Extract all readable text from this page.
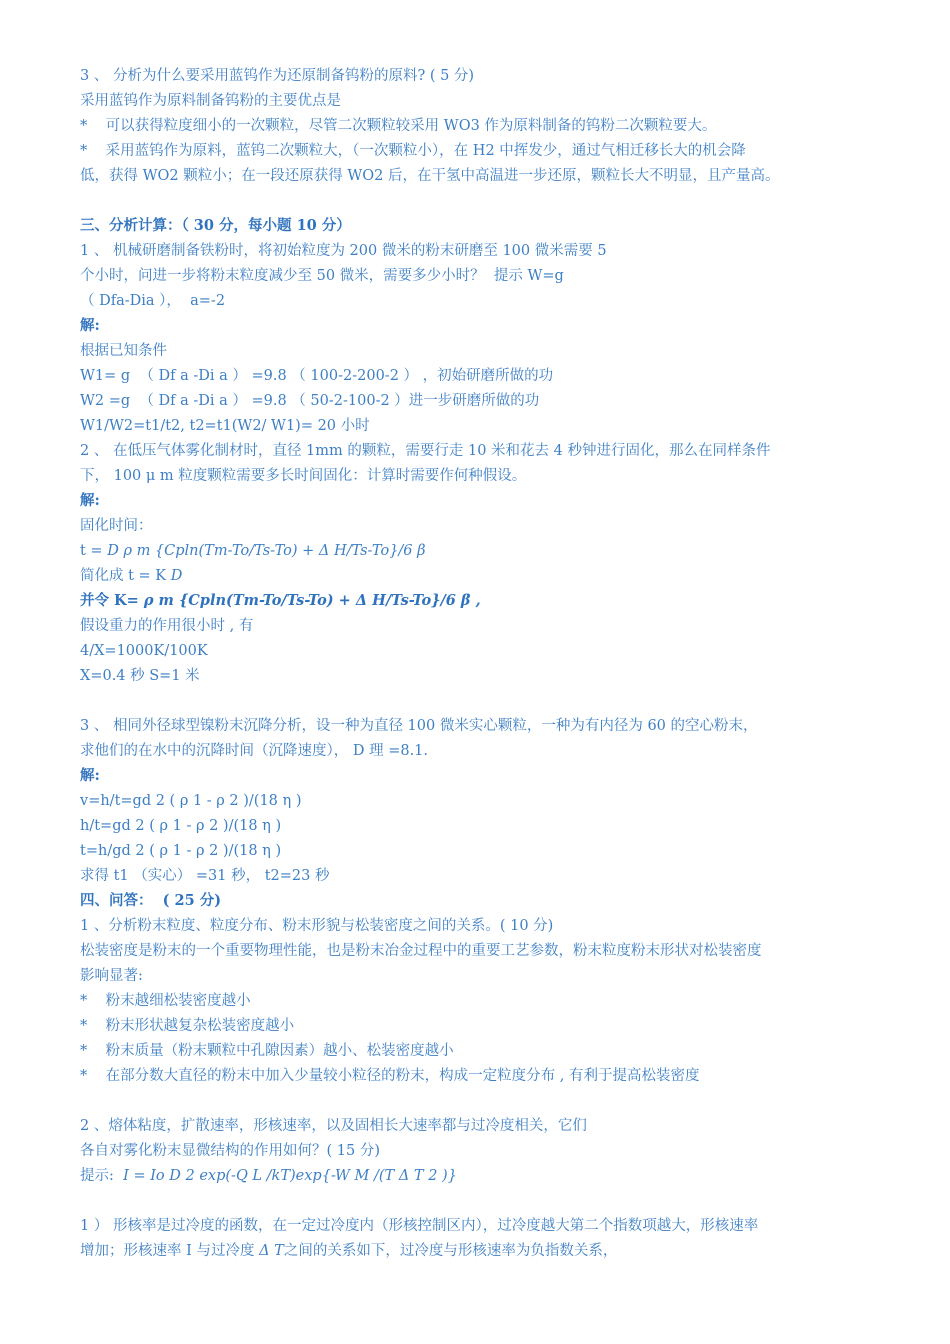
3 、 分析为什么要采用蓝钨作为还原制备钨粉的原料? ( 5 分)
采用蓝钨作为原料制备钨粉的主要优点是
*    可以获得粒度细小的一次颗粒，尽管二次颗粒较采用 WO3 作为原料制备的钨粉二次颗粒要大。
*    采用蓝钨作为原料，蓝钨二次颗粒大，（一次颗粒小），在 H2 中挥发少，通过气相迁移长大的机会降
低，获得 WO2 颗粒小；在一段还原获得 WO2 后，在干氢中高温进一步还原，颗粒长大不明显，且产量高。
三、分析计算：（ 30 分，每小题 10 分）
1 、 机械研磨制备铁粉时，将初始粒度为 200 微米的粉末研磨至 100 微米需要 5
个小时，问进一步将粉末粒度减少至 50 微米，需要多少小时？  提示 W=g
（ Dfa-Dia ），  a=-2
解:
根据已知条件
W1= g  （ Df a -Di a ） =9.8 （ 100-2-200-2 ） ，初始研磨所做的功
W2 =g  （ Df a -Di a ） =9.8 （ 50-2-100-2 ）进一步研磨所做的功
W1/W2=t1/t2, t2=t1(W2/ W1)= 20 小时
2 、 在低压气体雾化制材时，直径 1mm 的颗粒，需要行走 10 米和花去 4 秒钟进行固化，那么在同样条件
下， 100 μ m 粒度颗粒需要多长时间固化：计算时需要作何种假设。
解:
固化时间：
t = D ρ m {Cpln(Tm-To/Ts-To) + Δ H/Ts-To}/6 β
简化成 t = K D
并令 K= ρ m {Cpln(Tm-To/Ts-To) + Δ H/Ts-To}/6 β ,
假设重力的作用很小时 , 有
4/X=1000K/100K
X=0.4 秒 S=1 米
3 、 相同外径球型镍粉末沉降分析，设一种为直径 100 微米实心颗粒，一种为有内径为 60 的空心粉末，
求他们的在水中的沉降时间（沉降速度）， D 理 =8.1.
解:
v=h/t=gd 2 ( ρ 1 - ρ 2 )/(18 η )
h/t=gd 2 ( ρ 1 - ρ 2 )/(18 η )
t=h/gd 2 ( ρ 1 - ρ 2 )/(18 η )
求得 t1 （实心） =31 秒， t2=23 秒
四、问答：  ( 25 分)
1 、分析粉末粒度、粒度分布、粉末形貌与松装密度之间的关系。( 10 分)
松装密度是粉末的一个重要物理性能，也是粉末冶金过程中的重要工艺参数，粉末粒度粉末形状对松装密度
影响显著:
*    粉末越细松装密度越小
*    粉末形状越复杂松装密度越小
*    粉末质量（粉末颗粒中孔隙因素）越小、松装密度越小
*    在部分数大直径的粉末中加入少量较小粒径的粉末，构成一定粒度分布 , 有利于提高松装密度
2 、熔体粘度，扩散速率，形核速率，以及固相长大速率都与过冷度相关，它们
各自对雾化粉末显微结构的作用如何？( 15 分)
提示:  I = Io D 2 exp(-Q L /kT)exp{-W M /(T Δ T 2 )}
1 ） 形核率是过冷度的函数，在一定过冷度内（形核控制区内），过冷度越大第二个指数项越大，形核速率
增加；形核速率 I 与过冷度 Δ T之间的关系如下，过冷度与形核速率为负指数关系，
